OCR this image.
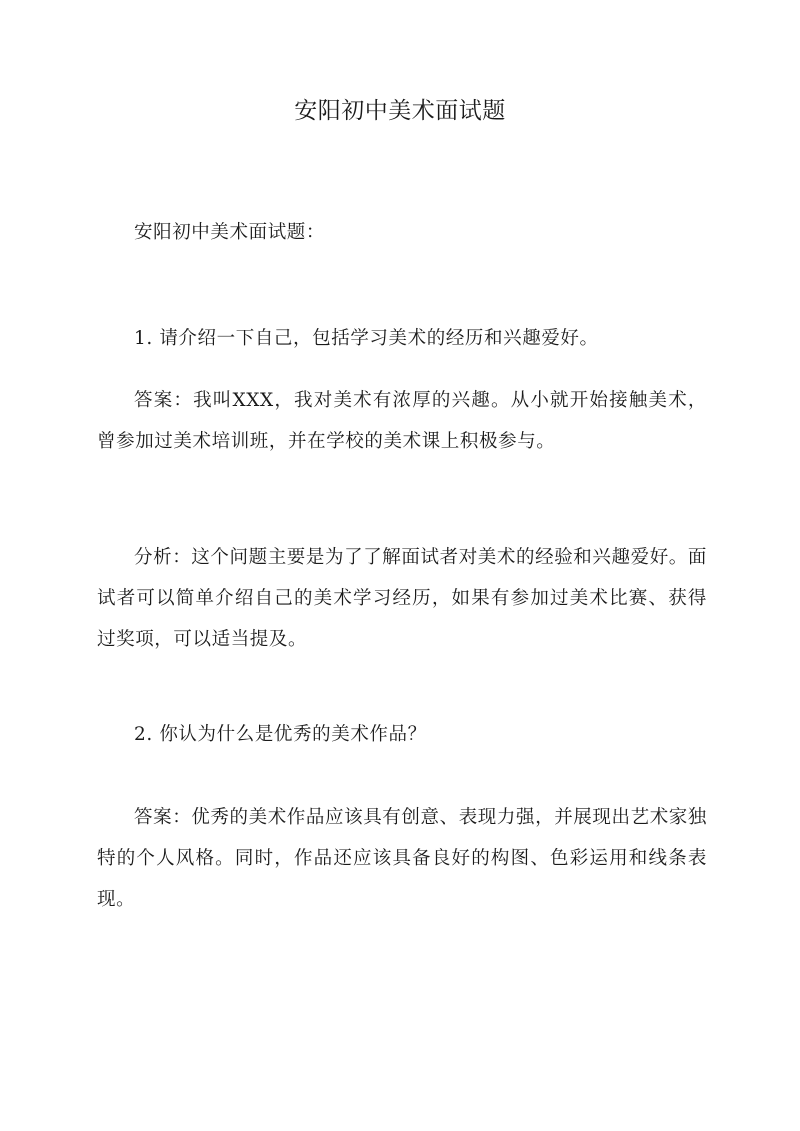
安阳初中美术面试题

安阳初中美术面试题：

1. 请介绍一下自己，包括学习美术的经历和兴趣爱好。

答案：我叫XXX，我对美术有浓厚的兴趣。从小就开始接触美术，曾参加过美术培训班，并在学校的美术课上积极参与。

分析：这个问题主要是为了了解面试者对美术的经验和兴趣爱好。面试者可以简单介绍自己的美术学习经历，如果有参加过美术比赛、获得过奖项，可以适当提及。

2. 你认为什么是优秀的美术作品？

答案：优秀的美术作品应该具有创意、表现力强，并展现出艺术家独特的个人风格。同时，作品还应该具备良好的构图、色彩运用和线条表现。
